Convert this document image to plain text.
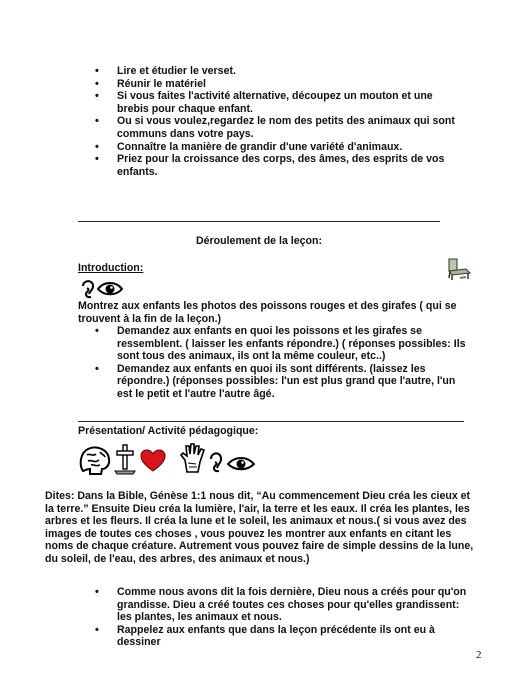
• Lire et étudier le verset.
• Réunir le matériel
• Si vous faites l'activité alternative, découpez un mouton et une brebis pour chaque enfant.
• Ou si vous voulez,regardez le nom des petits des animaux qui sont communs dans votre pays.
• Connaître la manière de grandir d'une variété d'animaux.
• Priez pour la croissance des corps, des âmes, des esprits de vos enfants.
Déroulement de la leçon:
Introduction:
Montrez aux enfants les photos des poissons rouges et des girafes ( qui se trouvent à la fin de la leçon.)
• Demandez aux enfants en quoi les poissons et les girafes se ressemblent. ( laisser les enfants répondre.) ( réponses possibles: Ils sont tous des animaux, ils ont la même couleur, etc..)
• Demandez aux enfants en quoi ils sont différents. (laissez les répondre.) (réponses possibles: l'un est plus grand que l'autre, l'un est le petit et l'autre l'autre âgé.
Présentation/ Activité pédagogique:
Dites: Dans la Bible, Génèse 1:1 nous dit, “Au commencement Dieu créa les cieux et la terre.” Ensuite Dieu créa la lumière, l'air, la terre et les eaux. Il créa les plantes, les arbres et les fleurs. Il créa la lune et le soleil, les animaux et nous.( si vous avez des images de toutes ces choses , vous pouvez les montrer aux enfants en citant les noms de chaque créature. Autrement vous pouvez faire de simple dessins de la lune, du soleil, de l'eau, des arbres, des animaux et nous.)
• Comme nous avons dit la fois dernière, Dieu nous a créés pour qu'on grandisse. Dieu a créé toutes ces choses pour qu'elles grandissent: les plantes, les animaux et nous.
• Rappelez aux enfants que dans la leçon précédente ils ont eu à dessiner
2
